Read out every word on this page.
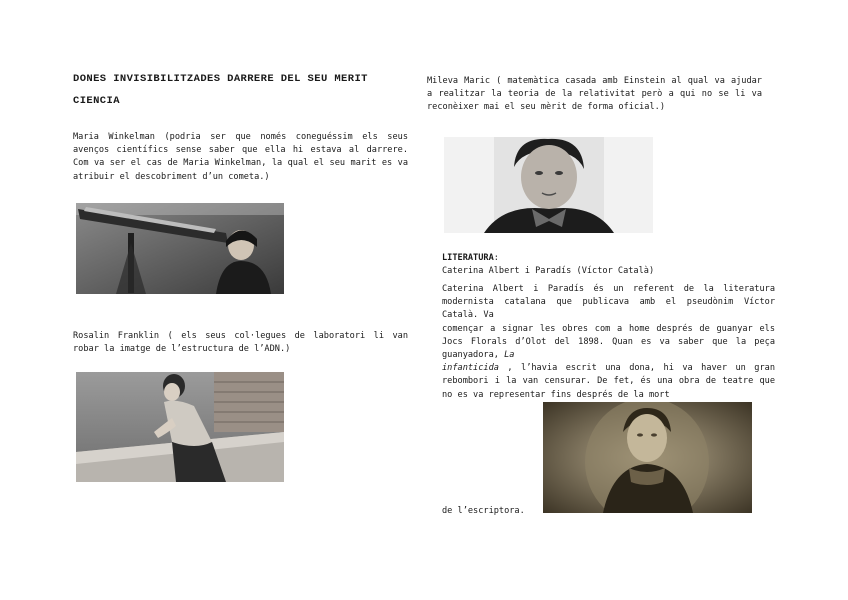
DONES INVISIBILITZADES DARRERE DEL SEU MERIT
CIENCIA
Maria Winkelman (podria ser que només coneguéssim els seus avenços científics sense saber que ella hi estava al darrere. Com va ser el cas de Maria Winkelman, la qual el seu marit es va atribuir el descobriment d’un cometa.)
Rosalin Franklin ( els seus col·legues de laboratori li van robar la imatge de l’estructura de l’ADN.)
Mileva Maric ( matemàtica casada amb Einstein al qual va ajudar a realitzar la teoria de la relativitat però a qui no se li va reconèixer mai el seu mèrit de forma oficial.)
LITERATURA:
Caterina Albert i Paradís (Víctor Català)
Caterina Albert i Paradís és un referent de la literatura modernista catalana que publicava amb el pseudònim Víctor Català. Va
començar a signar les obres com a home després de guanyar els Jocs Florals d’Olot del 1898. Quan es va saber que la peça guanyadora, La
infanticida , l’havia escrit una dona, hi va haver un gran rebombori i la van censurar. De fet, és una obra de teatre que no es va representar fins després de la mort
de l’escriptora.
